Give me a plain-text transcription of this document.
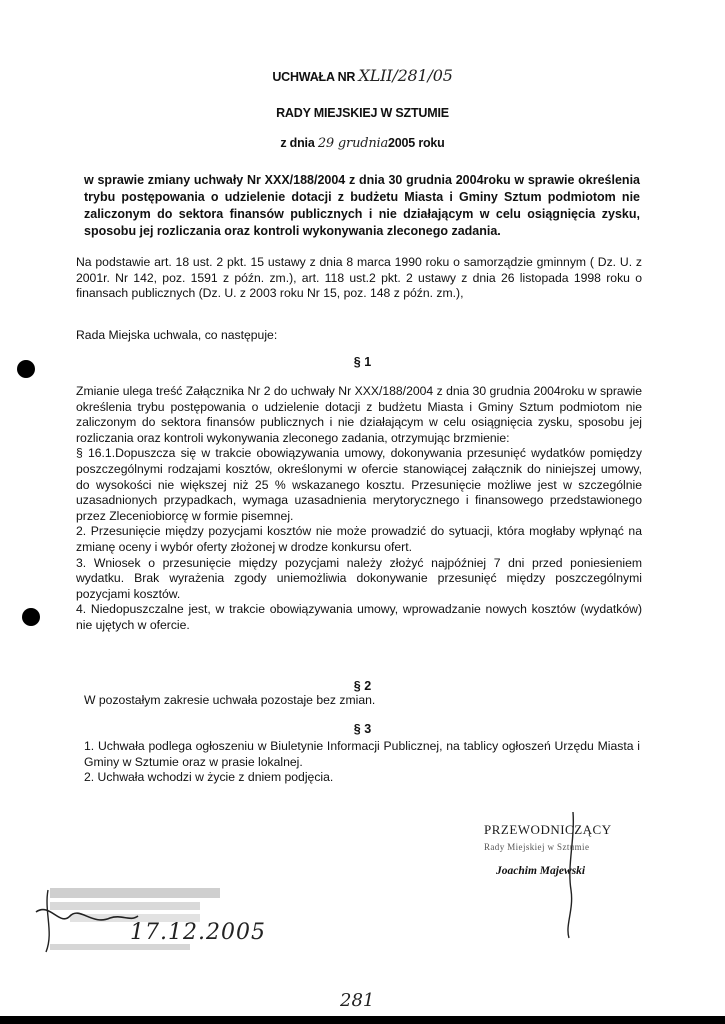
UCHWAŁA NR XLII/281/05
RADY MIEJSKIEJ W SZTUMIE
z dnia 29 grudnia2005 roku
w sprawie zmiany uchwały Nr XXX/188/2004 z dnia 30 grudnia 2004roku w sprawie określenia trybu postępowania o udzielenie dotacji z budżetu Miasta i Gminy Sztum podmiotom nie zaliczonym do sektora finansów publicznych i nie działającym w celu osiągnięcia zysku, sposobu jej rozliczania oraz kontroli wykonywania zleconego zadania.
Na podstawie art. 18 ust. 2 pkt. 15 ustawy z dnia 8 marca 1990 roku o samorządzie gminnym ( Dz. U. z 2001r. Nr 142, poz. 1591 z późn. zm.), art. 118 ust.2 pkt. 2 ustawy z dnia 26 listopada 1998 roku o finansach publicznych (Dz. U. z 2003 roku Nr 15, poz. 148 z późn. zm.),
Rada Miejska uchwala, co następuje:
§ 1

Zmianie ulega treść Załącznika Nr 2 do uchwały Nr XXX/188/2004 z dnia 30 grudnia 2004roku w sprawie określenia trybu postępowania o udzielenie dotacji z budżetu Miasta i Gminy Sztum podmiotom nie zaliczonym do sektora finansów publicznych i nie działającym w celu osiągnięcia zysku, sposobu jej rozliczania oraz kontroli wykonywania zleconego zadania, otrzymując brzmienie:

§ 16.1.Dopuszcza się w trakcie obowiązywania umowy, dokonywania przesunięć wydatków pomiędzy poszczególnymi rodzajami kosztów, określonymi w ofercie stanowiącej załącznik do niniejszej umowy, do wysokości nie większej niż 25 % wskazanego kosztu. Przesunięcie możliwe jest w szczególnie uzasadnionych przypadkach, wymaga uzasadnienia merytorycznego i finansowego przedstawionego przez Zleceniobiorcę w formie pisemnej.

2. Przesunięcie między pozycjami kosztów nie może prowadzić do sytuacji, która mogłaby wpłynąć na zmianę oceny i wybór oferty złożonej w drodze konkursu ofert.

3. Wniosek o przesunięcie między pozycjami należy złożyć najpóźniej 7 dni przed poniesieniem wydatku. Brak wyrażenia zgody uniemożliwia dokonywanie przesunięć między poszczególnymi pozycjami kosztów.

4. Niedopuszczalne jest, w trakcie obowiązywania umowy, wprowadzanie nowych kosztów (wydatków) nie ujętych w ofercie.

§ 2
W pozostałym zakresie uchwała pozostaje bez zmian.
§ 3

1. Uchwała podlega ogłoszeniu w Biuletynie Informacji Publicznej, na tablicy ogłoszeń Urzędu Miasta i Gminy w Sztumie oraz w prasie lokalnej.

2. Uchwała wchodzi w życie z dniem podjęcia.

PRZEWODNICZĄCY
Rady Miejskiej w Sztumie
Joachim Majewski
17.12.2005
281
